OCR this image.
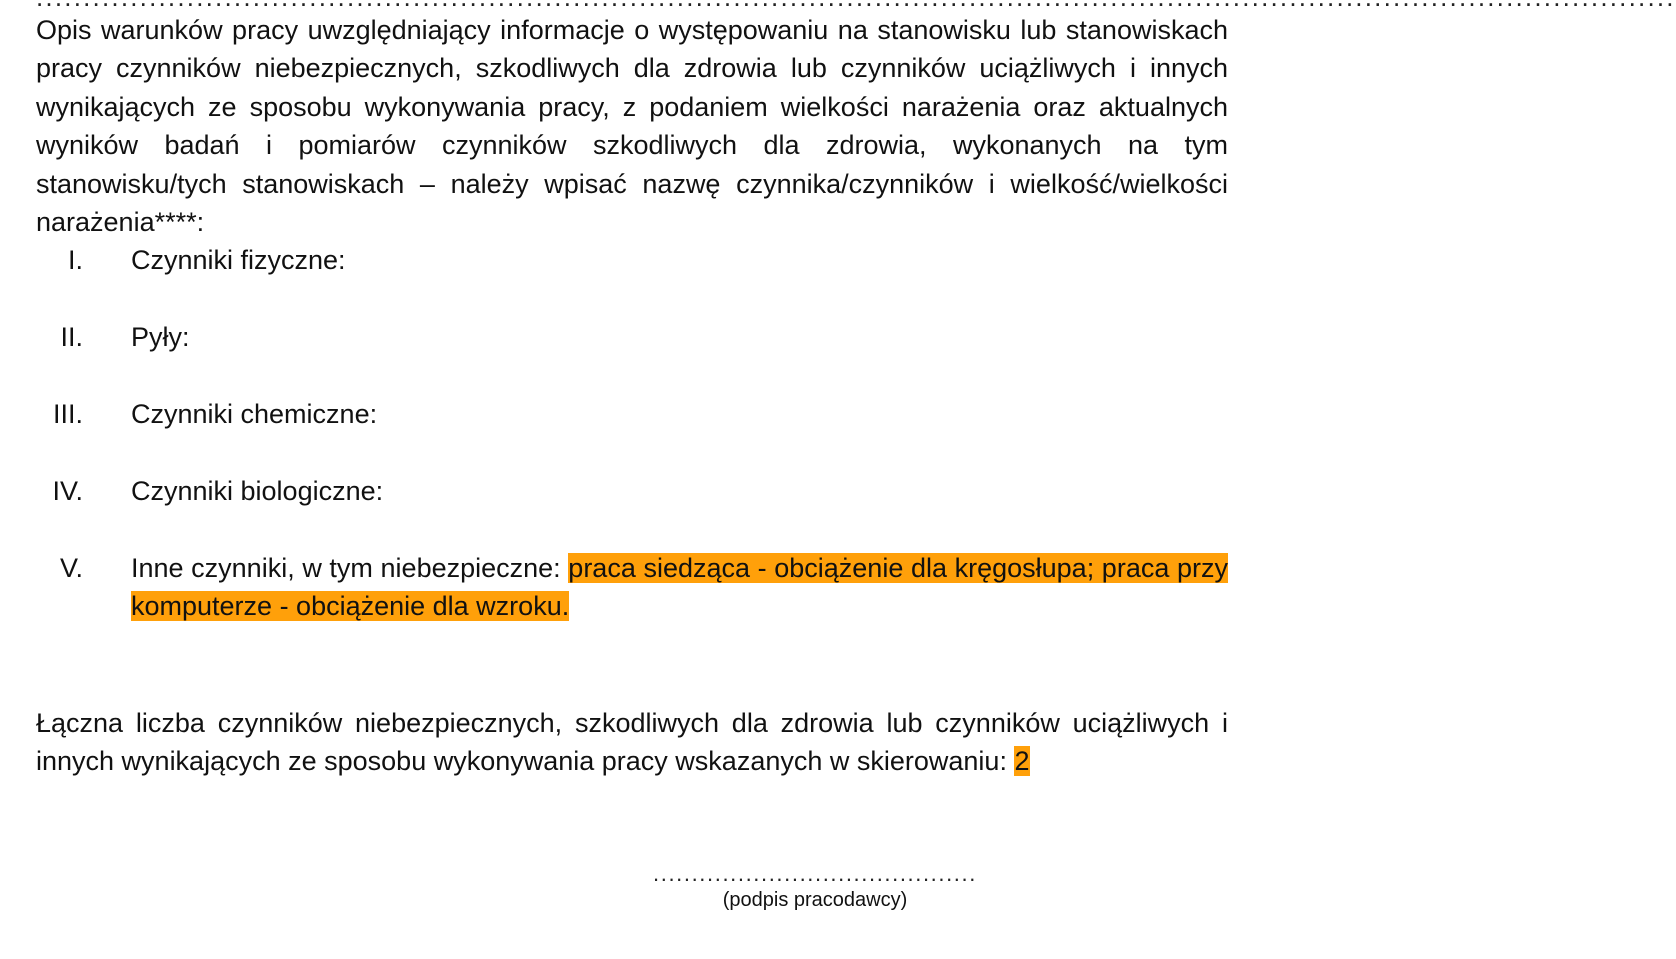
Opis warunków pracy uwzględniający informacje o występowaniu na stanowisku lub stanowiskach pracy czynników niebezpiecznych, szkodliwych dla zdrowia lub czynników uciążliwych i innych wynikających ze sposobu wykonywania pracy, z podaniem wielkości narażenia oraz aktualnych wyników badań i pomiarów czynników szkodliwych dla zdrowia, wykonanych na tym stanowisku/tych stanowiskach – należy wpisać nazwę czynnika/czynników i wielkość/wielkości narażenia****:
I. Czynniki fizyczne:
II. Pyły:
III. Czynniki chemiczne:
IV. Czynniki biologiczne:
V. Inne czynniki, w tym niebezpieczne: praca siedząca - obciążenie dla kręgosłupa; praca przy komputerze - obciążenie dla wzroku.
Łączna liczba czynników niebezpiecznych, szkodliwych dla zdrowia lub czynników uciążliwych i innych wynikających ze sposobu wykonywania pracy wskazanych w skierowaniu: 2
..........................................
(podpis pracodawcy)
